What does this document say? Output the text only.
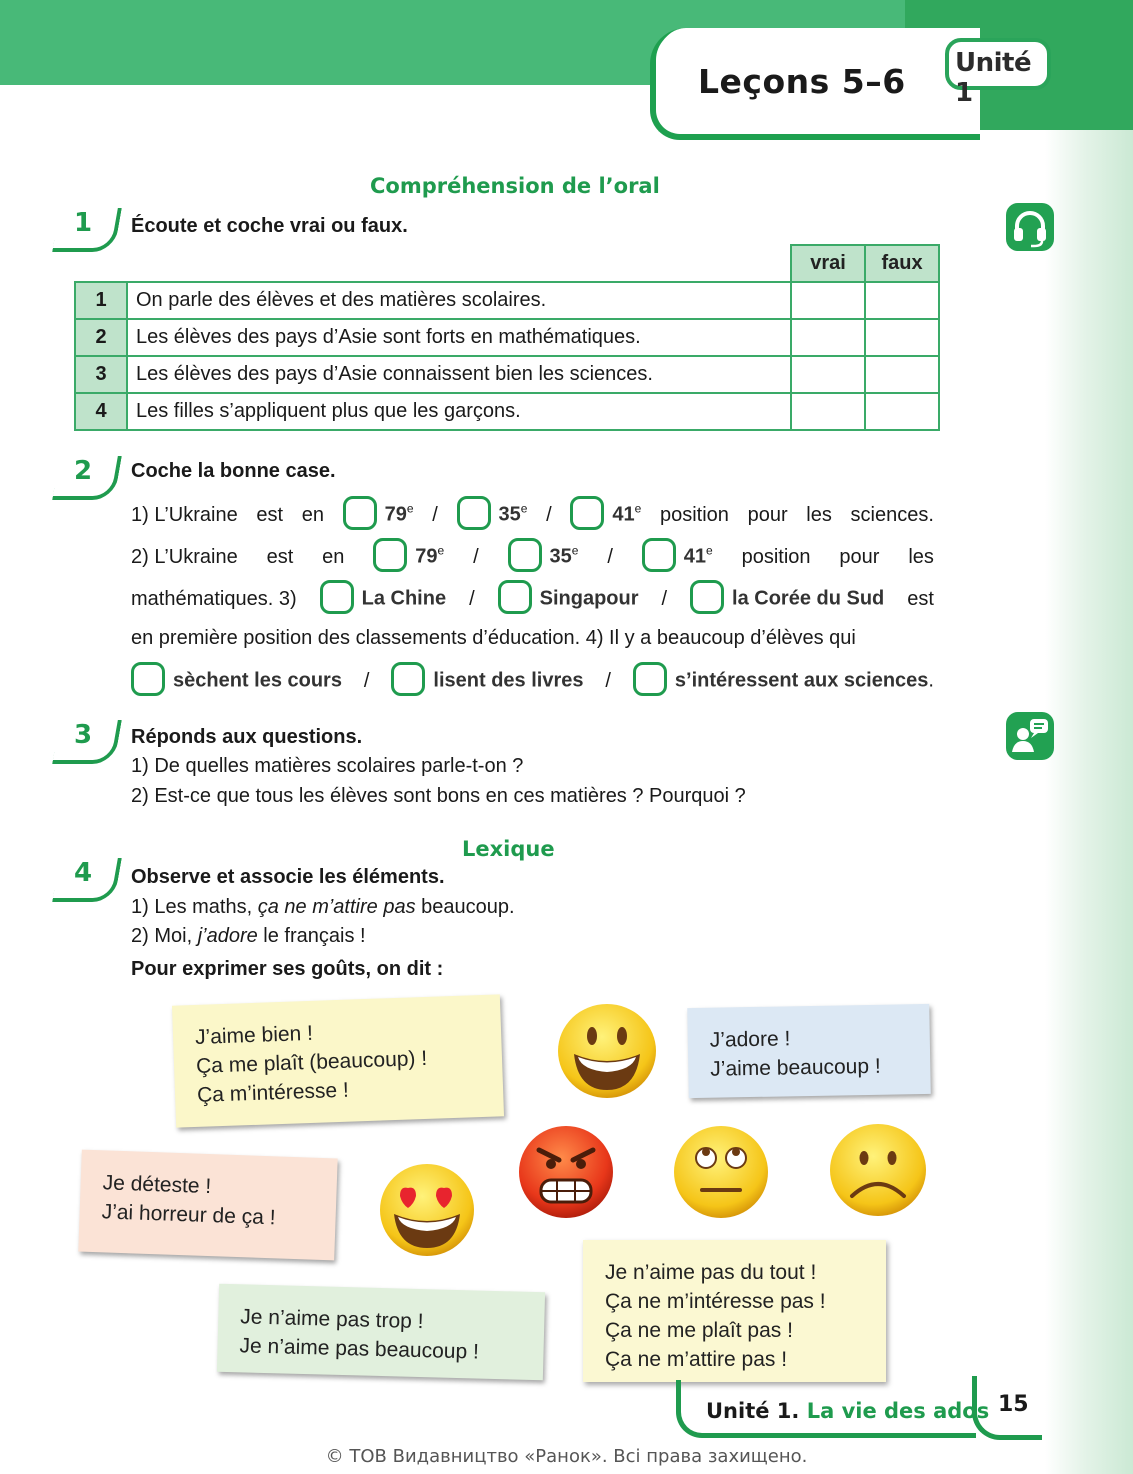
Leçons 5–6 Unité 1
Compréhension de l’oral
1 Écoute et coche vrai ou faux.
		vrai	faux
1	On parle des élèves et des matières scolaires.		
2	Les élèves des pays d’Asie sont forts en mathématiques.		
3	Les élèves des pays d’Asie connaissent bien les sciences.		
4	Les filles s’appliquent plus que les garçons.		
2 Coche la bonne case.
1) L’Ukraine est en	79e /	35e /	41e position pour les sciences.
2) L’Ukraine est en	79e /	35e /	41e position pour les
mathématiques. 3)	La Chine /	Singapour /	la Corée du Sud est
en première position des classements d’éducation. 4) Il y a beaucoup d’élèves qui
sèchent les cours /	lisent des livres /	s’intéressent aux sciences.
3 Réponds aux questions.
1) De quelles matières scolaires parle-t-on ?
2) Est-ce que tous les élèves sont bons en ces matières ? Pourquoi ?
Lexique
4 Observe et associe les éléments.
1) Les maths, ça ne m’attire pas beaucoup.
2) Moi, j’adore le français !
Pour exprimer ses goûts, on dit :
J’aime bien !
Ça me plaît (beaucoup) !
Ça m’intéresse !
J’adore !
J’aime beaucoup !
Je déteste !
J’ai horreur de ça !
Je n’aime pas trop !
Je n’aime pas beaucoup !
Je n’aime pas du tout !
Ça ne m’intéresse pas !
Ça ne me plaît pas !
Ça ne m’attire pas !
Unité 1. La vie des ados 15
© ТОВ Видавництво «Ранок». Всі права захищено.
